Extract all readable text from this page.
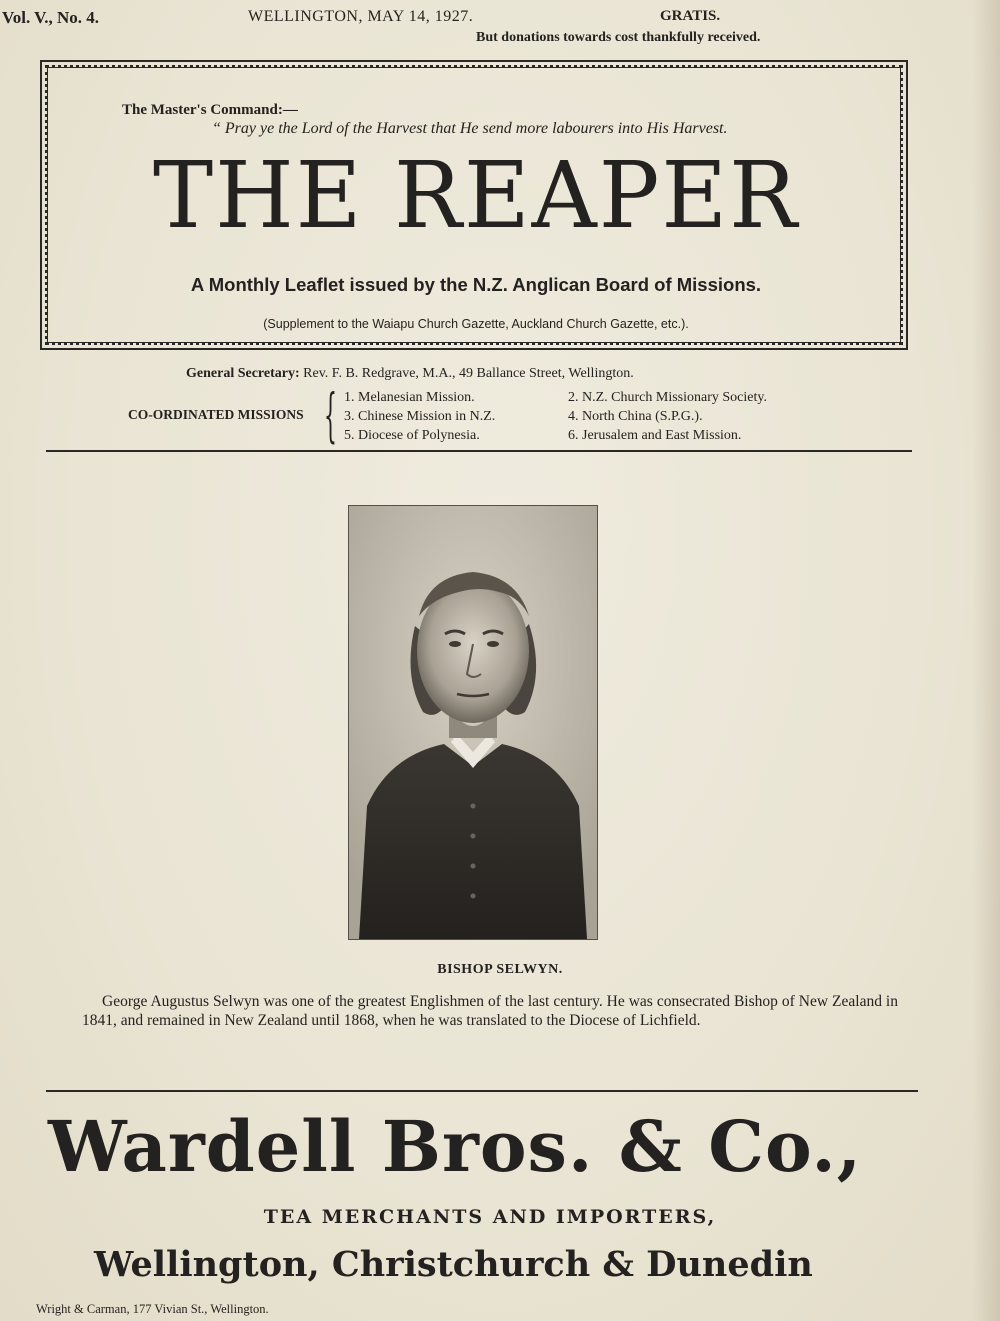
Vol. V., No. 4.	WELLINGTON, MAY 14, 1927.	GRATIS.
But donations towards cost thankfully received.
The Master's Command:—
“ Pray ye the Lord of the Harvest that He send more labourers into His Harvest.
THE REAPER
A Monthly Leaflet issued by the N.Z. Anglican Board of Missions.
(Supplement to the Waiapu Church Gazette, Auckland Church Gazette, etc.).
General Secretary: Rev. F. B. Redgrave, M.A., 49 Ballance Street, Wellington.
CO-ORDINATED MISSIONS { 1. Melanesian Mission.
3. Chinese Mission in N.Z.
5. Diocese of Polynesia.
2. N.Z. Church Missionary Society.
4. North China (S.P.G.).
6. Jerusalem and East Mission.
BISHOP SELWYN.
George Augustus Selwyn was one of the greatest Englishmen of the last century. He was consecrated Bishop of New Zealand in 1841, and remained in New Zealand until 1868, when he was translated to the Diocese of Lichfield.
Wardell Bros. & Co.,
TEA MERCHANTS AND IMPORTERS,
Wellington, Christchurch & Dunedin
Wright & Carman, 177 Vivian St., Wellington.
